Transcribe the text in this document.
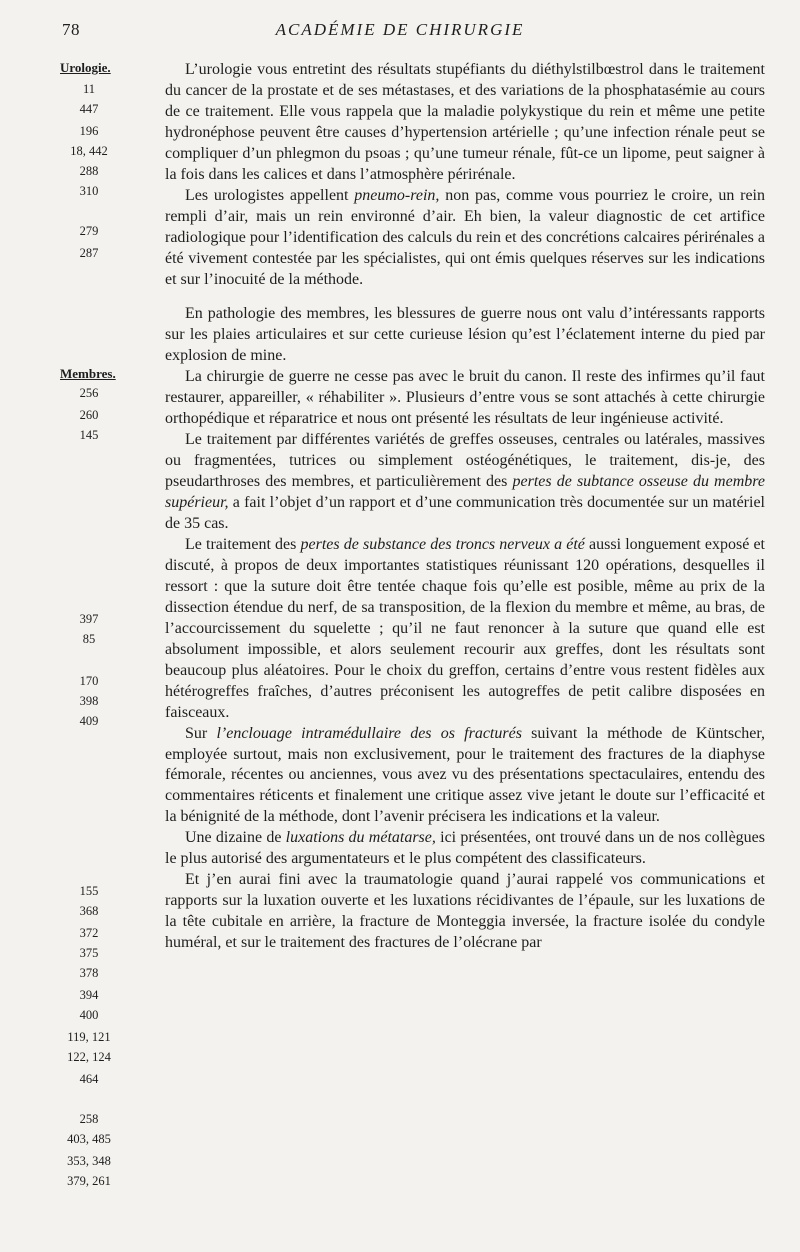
78	ACADÉMIE DE CHIRURGIE
Urologie.
11
447
196
18, 442
288
310
279
287
Membres.
256
260
145
397
85
170
398
409
155
368
372
375
378
394
400
119, 121
122, 124
464
258
403, 485
353, 348
379, 261

L’urologie vous entretint des résultats stupéfiants du diéthylstilbœstrol dans le traitement du cancer de la prostate et de ses métastases, et des variations de la phosphatasémie au cours de ce traitement. Elle vous rappela que la maladie polykystique du rein et même une petite hydronéphose peuvent être causes d’hypertension artérielle ; qu’une infection rénale peut se compliquer d’un phlegmon du psoas ; qu’une tumeur rénale, fût-ce un lipome, peut saigner à la fois dans les calices et dans l’atmosphère périrénale.

Les urologistes appellent pneumo-rein, non pas, comme vous pourriez le croire, un rein rempli d’air, mais un rein environné d’air. Eh bien, la valeur diagnostic de cet artifice radiologique pour l’identification des calculs du rein et des concrétions calcaires périrénales a été vivement contestée par les spécialistes, qui ont émis quelques réserves sur les indications et sur l’inocuité de la méthode.

En pathologie des membres, les blessures de guerre nous ont valu d’intéressants rapports sur les plaies articulaires et sur cette curieuse lésion qu’est l’éclatement interne du pied par explosion de mine.

La chirurgie de guerre ne cesse pas avec le bruit du canon. Il reste des infirmes qu’il faut restaurer, appareiller, « réhabiliter ». Plusieurs d’entre vous se sont attachés à cette chirurgie orthopédique et réparatrice et nous ont présenté les résultats de leur ingénieuse activité.

Le traitement par différentes variétés de greffes osseuses, centrales ou latérales, massives ou fragmentées, tutrices ou simplement ostéogénétiques, le traitement, dis-je, des pseudarthroses des membres, et particulièrement des pertes de subtance osseuse du membre supérieur, a fait l’objet d’un rapport et d’une communication très documentée sur un matériel de 35 cas.

Le traitement des pertes de substance des troncs nerveux a été aussi longuement exposé et discuté, à propos de deux importantes statistiques réunissant 120 opérations, desquelles il ressort : que la suture doit être tentée chaque fois qu’elle est posible, même au prix de la dissection étendue du nerf, de sa transposition, de la flexion du membre et même, au bras, de l’accourcissement du squelette ; qu’il ne faut renoncer à la suture que quand elle est absolument impossible, et alors seulement recourir aux greffes, dont les résultats sont beaucoup plus aléatoires. Pour le choix du greffon, certains d’entre vous restent fidèles aux hétérogreffes fraîches, d’autres préconisent les autogreffes de petit calibre disposées en faisceaux.

Sur l’enclouage intramédullaire des os fracturés suivant la méthode de Küntscher, employée surtout, mais non exclusivement, pour le traitement des fractures de la diaphyse fémorale, récentes ou anciennes, vous avez vu des présentations spectaculaires, entendu des commentaires réticents et finalement une critique assez vive jetant le doute sur l’efficacité et la bénignité de la méthode, dont l’avenir précisera les indications et la valeur.

Une dizaine de luxations du métatarse, ici présentées, ont trouvé dans un de nos collègues le plus autorisé des argumentateurs et le plus compétent des classificateurs.

Et j’en aurai fini avec la traumatologie quand j’aurai rappelé vos communications et rapports sur la luxation ouverte et les luxations récidivantes de l’épaule, sur les luxations de la tête cubitale en arrière, la fracture de Monteggia inversée, la fracture isolée du condyle huméral, et sur le traitement des fractures de l’olécrane par
